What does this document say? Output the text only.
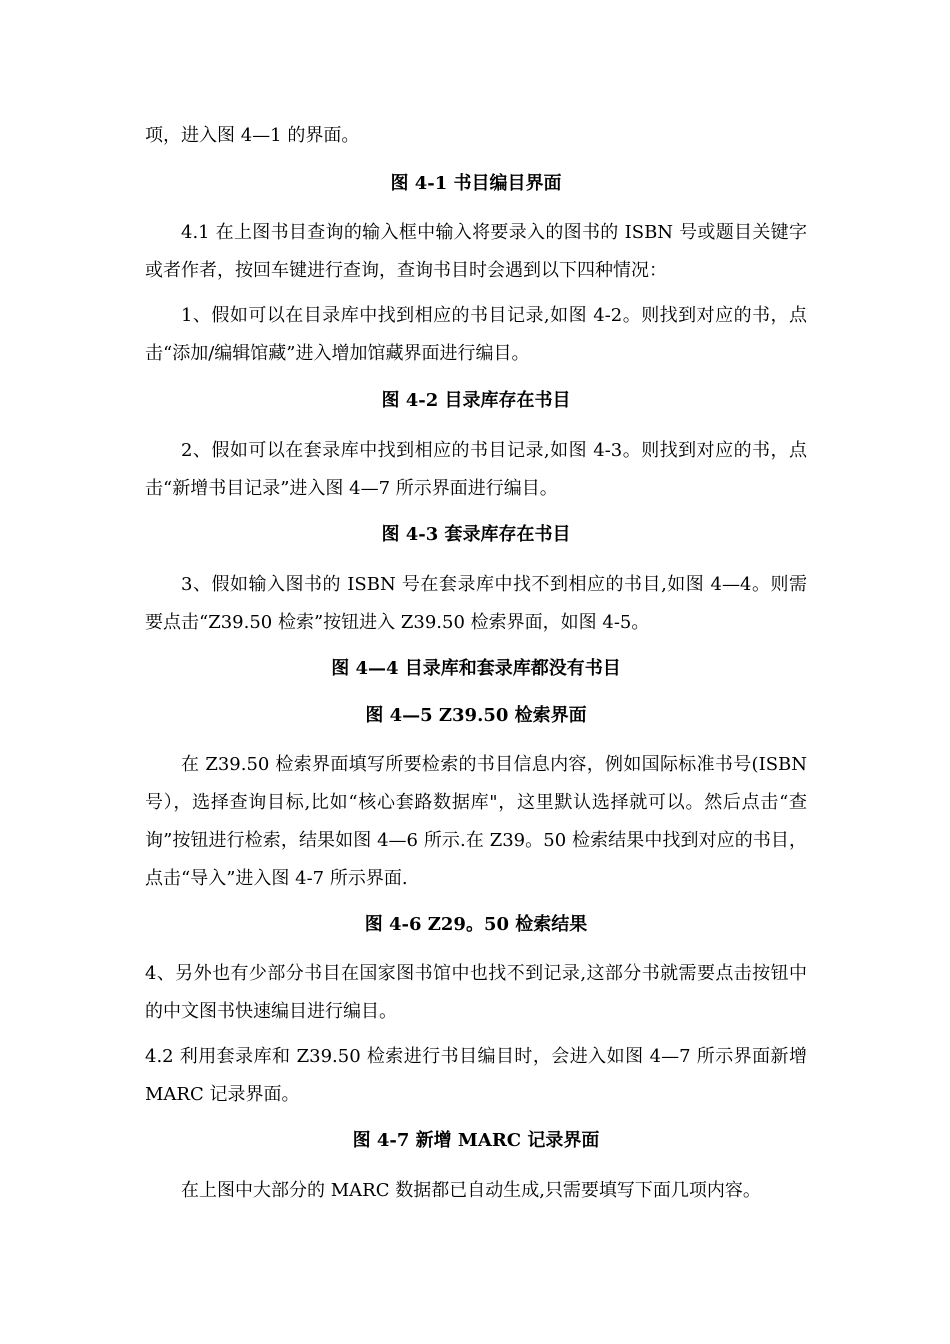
项，进入图 4—1 的界面。

图 4-1 书目编目界面

4.1 在上图书目查询的输入框中输入将要录入的图书的 ISBN 号或题目关键字或者作者，按回车键进行查询，查询书目时会遇到以下四种情况：

1、假如可以在目录库中找到相应的书目记录,如图 4-2。则找到对应的书，点击“添加/编辑馆藏”进入增加馆藏界面进行编目。

图 4-2 目录库存在书目

2、假如可以在套录库中找到相应的书目记录,如图 4-3。则找到对应的书，点击“新增书目记录”进入图 4—7 所示界面进行编目。

图 4-3 套录库存在书目

3、假如输入图书的 ISBN 号在套录库中找不到相应的书目,如图 4—4。则需要点击“Z39.50 检索”按钮进入 Z39.50 检索界面，如图 4-5。

图 4—4 目录库和套录库都没有书目
图 4—5 Z39.50 检索界面

在 Z39.50 检索界面填写所要检索的书目信息内容，例如国际标准书号(ISBN 号），选择查询目标,比如“核心套路数据库"，这里默认选择就可以。然后点击“查询”按钮进行检索，结果如图 4—6 所示.在 Z39。50 检索结果中找到对应的书目，点击“导入”进入图 4-7 所示界面.

图 4-6 Z29。50 检索结果

4、另外也有少部分书目在国家图书馆中也找不到记录,这部分书就需要点击按钮中的中文图书快速编目进行编目。

4.2 利用套录库和 Z39.50 检索进行书目编目时，会进入如图 4—7 所示界面新增 MARC 记录界面。

图 4-7 新增 MARC 记录界面

在上图中大部分的 MARC 数据都已自动生成,只需要填写下面几项内容。
